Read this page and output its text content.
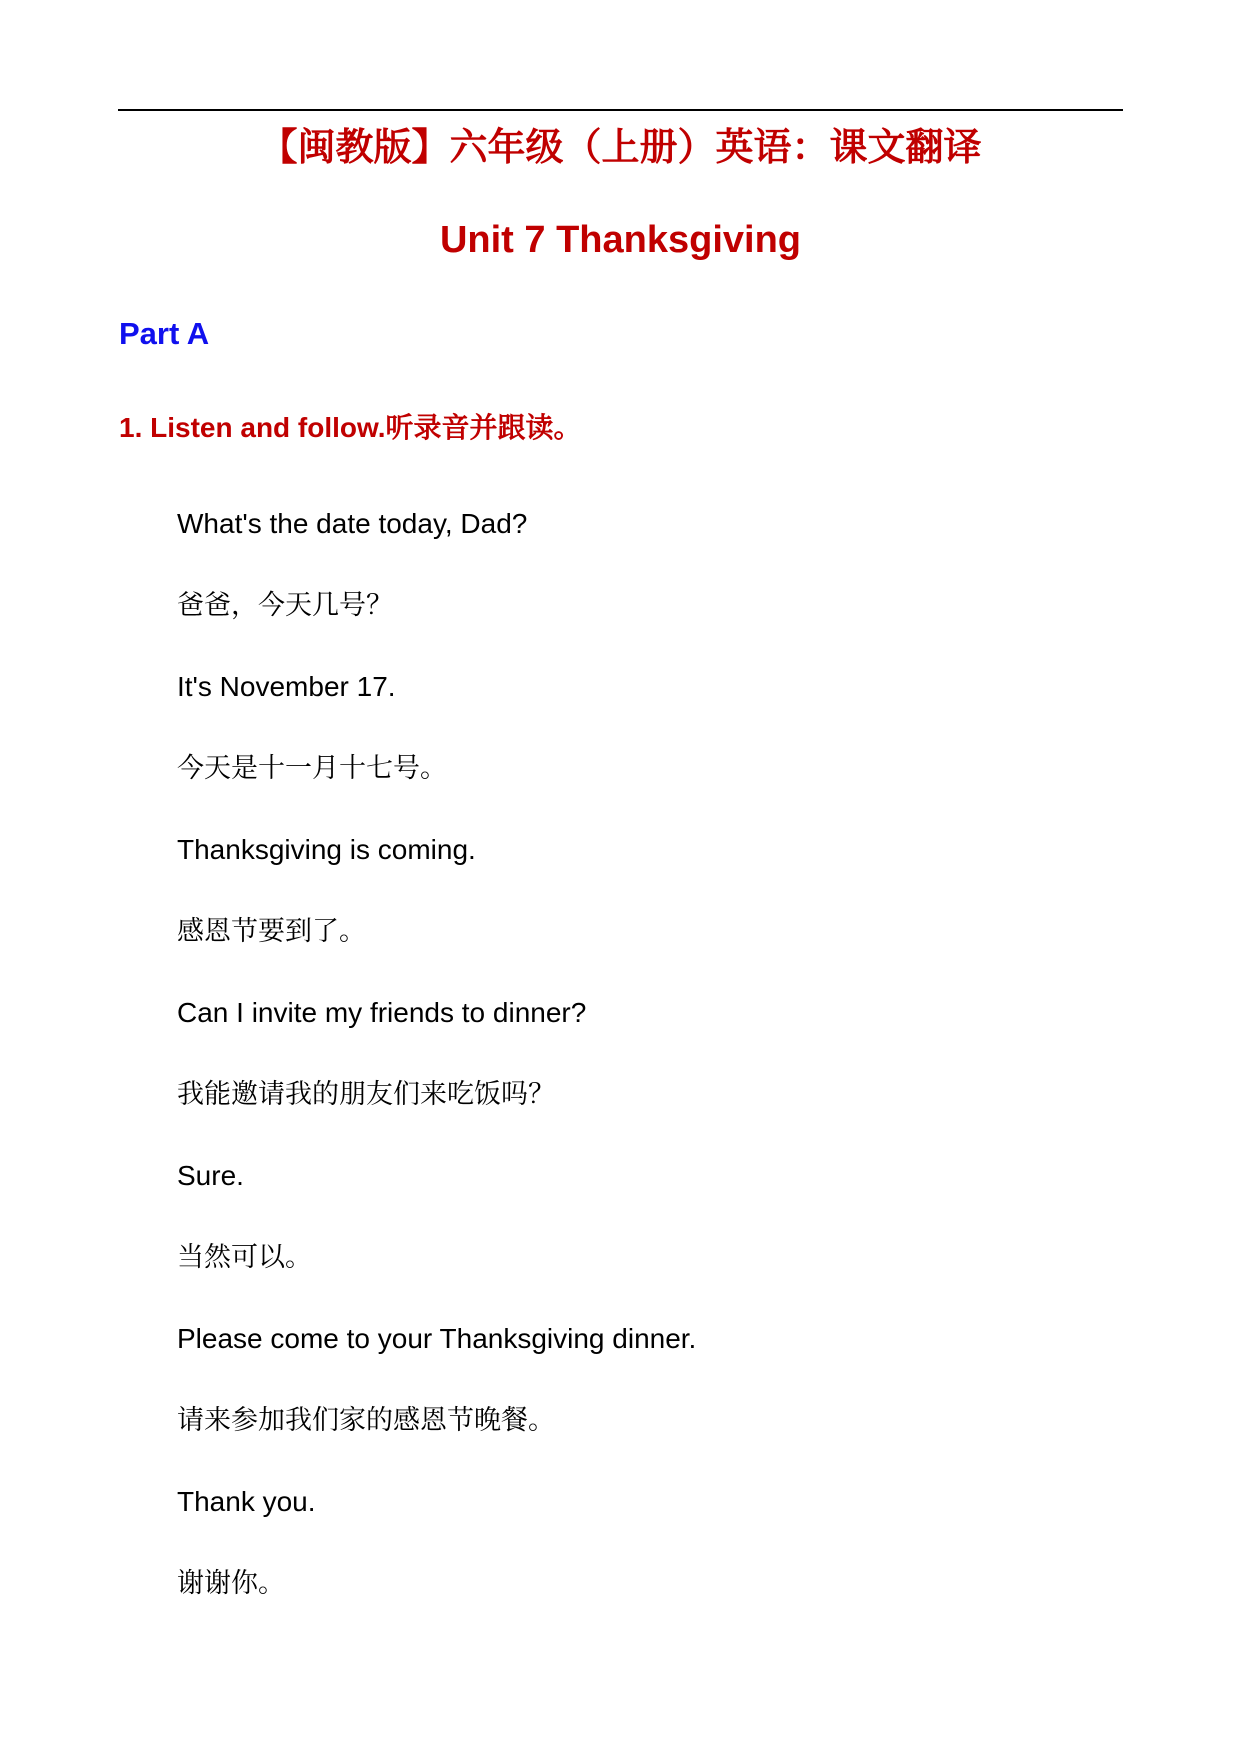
【闽教版】六年级（上册）英语：课文翻译
Unit 7 Thanksgiving
Part A
1. Listen and follow.听录音并跟读。
What's the date today, Dad?
爸爸，今天几号？
It's November 17.
今天是十一月十七号。
Thanksgiving is coming.
感恩节要到了。
Can I invite my friends to dinner?
我能邀请我的朋友们来吃饭吗？
Sure.
当然可以。
Please come to your Thanksgiving dinner.
请来参加我们家的感恩节晚餐。
Thank you.
谢谢你。
